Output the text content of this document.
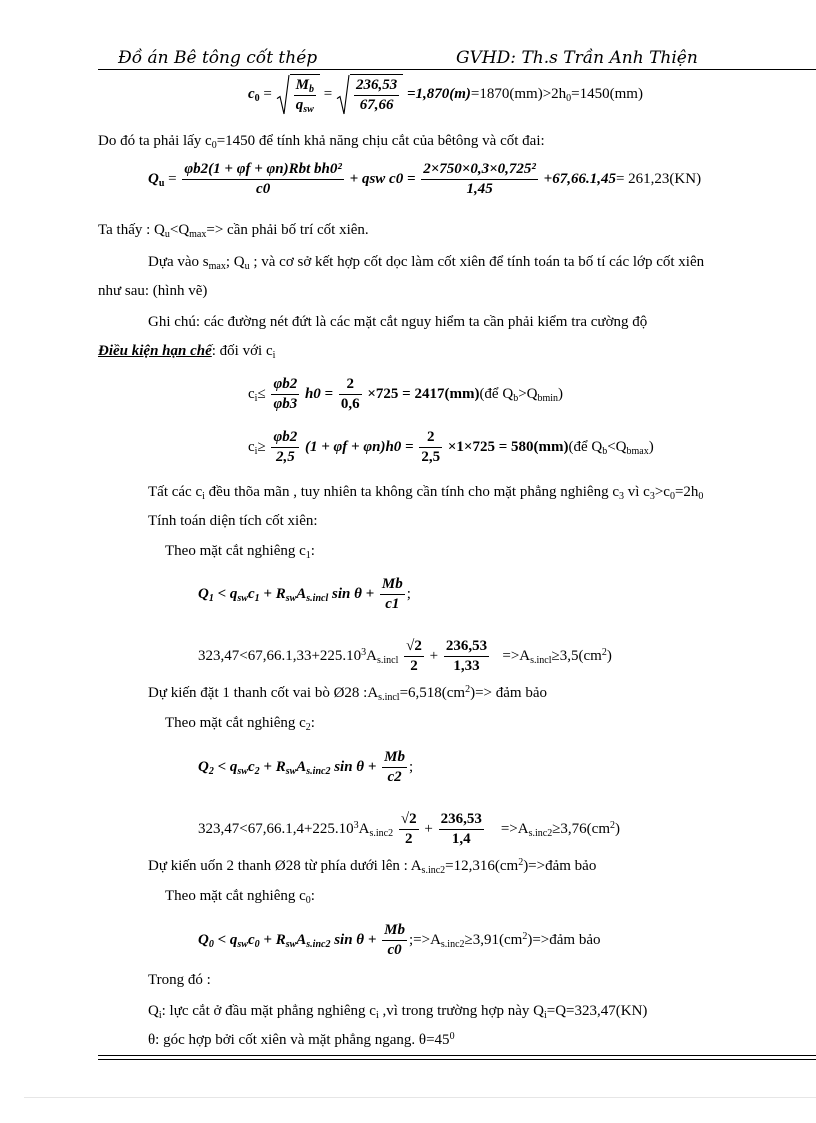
Đồ án Bê tông cốt thép	GVHD: Th.s Trần Anh Thiện
$c_0 = \frac{M_b}{q_{sw}} = \frac{236,53}{67,66} =1,870(m)=1870(mm)>2h_0=1450(mm)$
Do đó ta phải lấy $c_0=1450$ để tính khả năng chịu cắt của bêtông và cốt đai:
$Q_u = \frac{\text{φb2(1 + φf + φn)Rbt bh0²}}{c0}$ + qsw $c0 = \frac{\text{2×750×0,3×0,725²}}{1,45} +67,66.1,45= 261,23(KN)$
Ta thấy : $Q_u<Q_{max}=>$ cần phải bố trí cốt xiên.
Dựa vào $s_{max}$; $Q_u$ ; và cơ sở kết hợp cốt dọc làm cốt xiên để tính toán ta bố tí các lớp cốt xiên
như sau: (hình vẽ)
Ghi chú: các đường nét đứt là các mặt cắt nguy hiểm ta cần phải kiểm tra cường độ
Điều kiện hạn chế: đối với $c_i$
$c_i\le \frac{\varphi b2}{\varphi b3} h0 = \frac{2}{0,6} \times 725$ = 2417(mm)(để $Q_b>Q_{bmin}$)
$c_i\ge \frac{\varphi b2}{2,5} (1 + \varphi f + \varphi n)h0 = \frac{2}{2,5} \times 1\times 725$ = 580(mm)(để $Q_b<Q_{bmax}$)
Tất các $c_i$ đều thõa mãn , tuy nhiên ta không cần tính cho mặt phẳng nghiêng $c_3$ vì $c_3>c_0=2h_0$
Tính toán diện tích cốt xiên:
Theo mặt cắt nghiêng $c_1$:
$Q_1 < q_{sw}c_1 + R_{sw}A_{s.incl}$ $\sin \theta + \frac{Mb}{c1}$ ;
$323,47<67,66.1,33+225.10^3A_{s.incl} \frac{√2}{2} + \frac{236,53}{1,33} =>A_{s.incl}\ge 3,5(cm^2)$
Dự kiến đặt 1 thanh cốt vai bò Ø28 $:A_{s.incl}=6,518(cm^2)=>$ đảm bảo
Theo mặt cắt nghiêng $c_2$:
$Q_2 < q_{sw}c_2 + R_{sw}A_{s.inc2}$ $\sin \theta + \frac{Mb}{c2}$ ;
$323,47<67,66.1,4+225.10^3A_{s.inc2} \frac{√2}{2} + \frac{236,53}{1,4} =>A_{s.inc2}\ge 3,76(cm^2)$
Dự kiến uốn 2 thanh Ø28 từ phía dưới lên : $A_{s.inc2}=12,316(cm^2)=>đảm$ bảo
Theo mặt cắt nghiêng $c_0$:
$Q_0 < q_{sw}c_0 + R_{sw}A_{s.inc2}$ $\sin \theta + \frac{Mb}{c0}$ $;=>A_{s.inc2}\ge 3,91(cm^2)=>đảm$ bảo
Trong đó :
$Q_i$: lực cắt ở đầu mặt phẳng nghiêng $c_i$ ,vì trong trường hợp này $Q_i=Q=323,47(KN)$
θ: góc hợp bởi cốt xiên và mặt phẳng ngang. $\theta=45^0$
